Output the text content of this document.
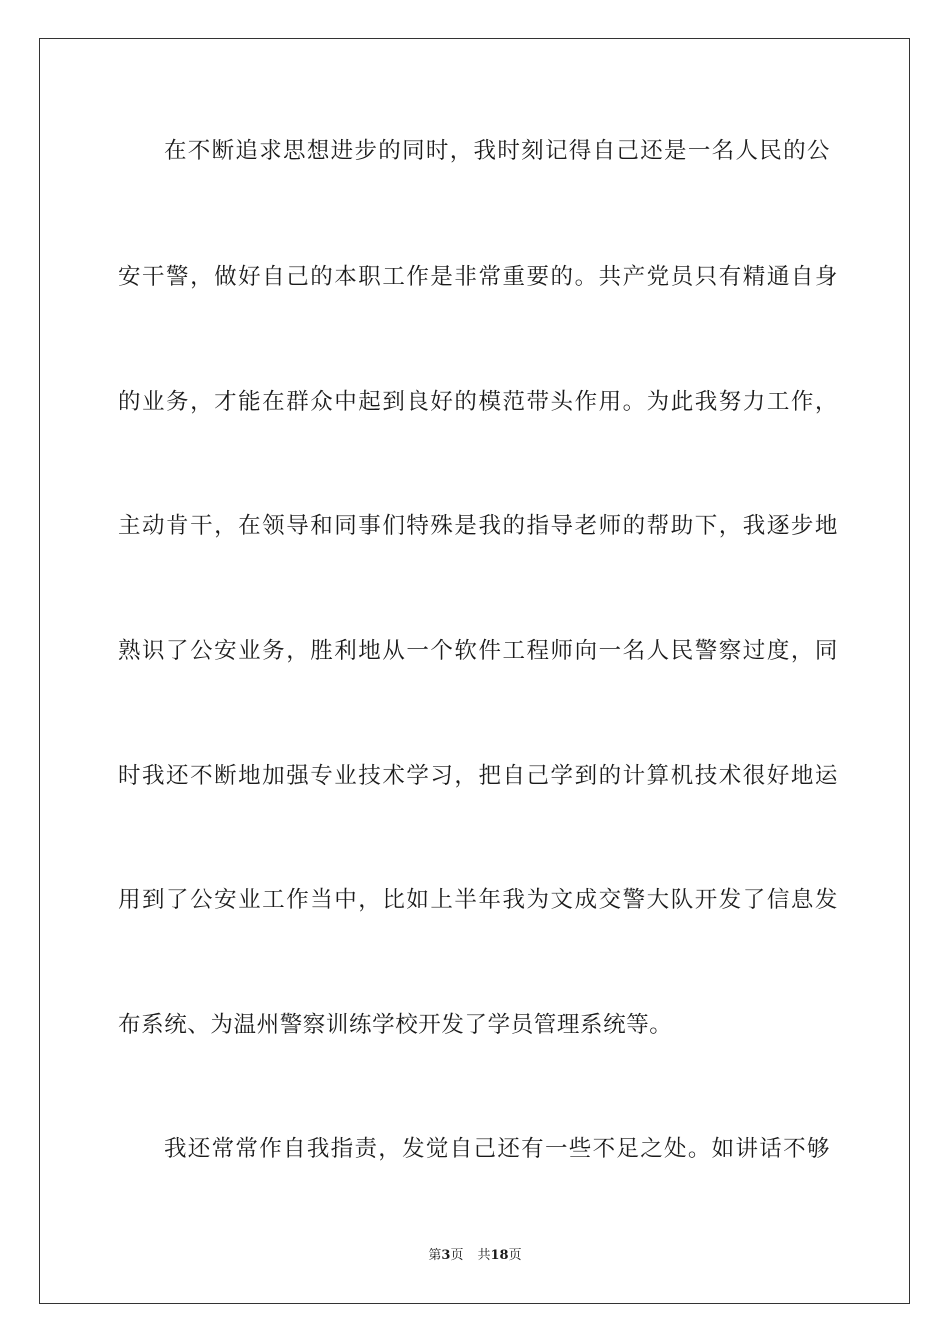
在不断追求思想进步的同时，我时刻记得自己还是一名人民的公
安干警，做好自己的本职工作是非常重要的。共产党员只有精通自身
的业务，才能在群众中起到良好的模范带头作用。为此我努力工作，
主动肯干，在领导和同事们特殊是我的指导老师的帮助下，我逐步地
熟识了公安业务，胜利地从一个软件工程师向一名人民警察过度，同
时我还不断地加强专业技术学习，把自己学到的计算机技术很好地运
用到了公安业工作当中，比如上半年我为文成交警大队开发了信息发
布系统、为温州警察训练学校开发了学员管理系统等。
我还常常作自我指责，发觉自己还有一些不足之处。如讲话不够
第3页 共18页
